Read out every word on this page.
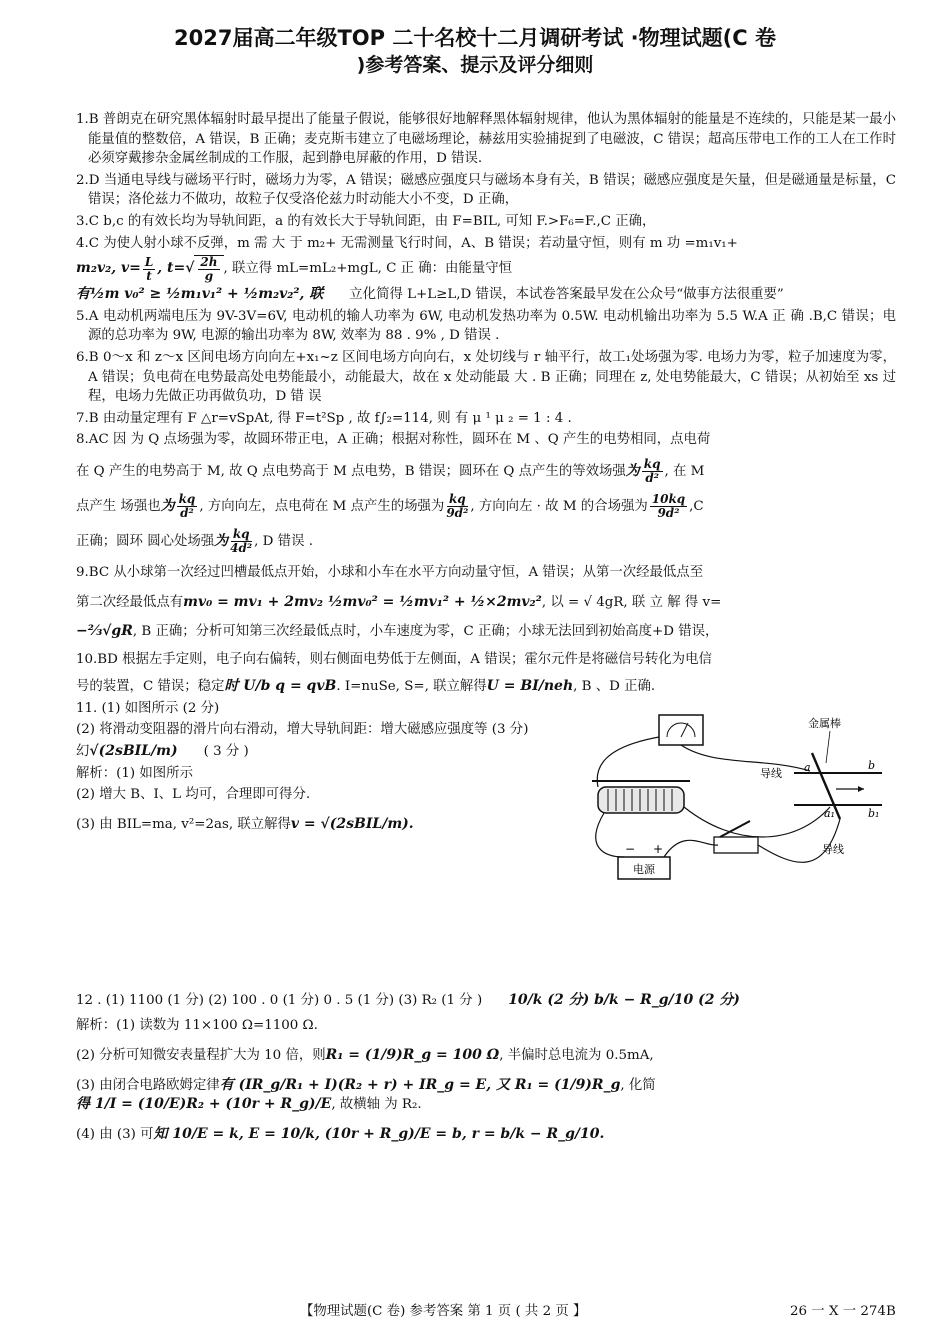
2027届高二年级TOP 二十名校十二月调研考试 ·物理试题(C 卷
)参考答案、提示及评分细则

1.B 普朗克在研究黑体辐射时最早提出了能量子假说，能够很好地解释黑体辐射规律，他认为黑体辐射的能量是不连续的，只能是某一最小能量值的整数倍，A 错误，B 正确；麦克斯韦建立了电磁场理论，赫兹用实验捕捉到了电磁波，C 错误；超高压带电工作的工人在工作时必须穿戴掺杂金属丝制成的工作服，起到静电屏蔽的作用，D 错误.

2.D 当通电导线与磁场平行时，磁场力为零，A 错误；磁感应强度只与磁场本身有关，B 错误；磁感应强度是矢量，但是磁通量是标量，C 错误；洛伦兹力不做功，故粒子仅受洛伦兹力时动能大小不变，D 正确，

3.C b,c 的有效长均为导轨间距，a 的有效长大于导轨间距，由 F=BIL, 可知 F.>F₆=F.,C 正确，

4.C 为使人射小球不反弹，m 需 大 于 m₂+ 无需测量飞行时间，A、B 错误；若动量守恒，则有 m 功 =m₁v₁+

m₂v₂, $v= \frac{L}{t}$ , t= √ $\frac{2h}{g}$ , 联立得 mL=mL₂+mgL, C 正 确：由能量守恒
有 ½m v₀² ≥ ½m₁v₁² + ½m₂v₂², 联 立化简得 L+L≥L,D 错误，本试卷答案最早发在公众号“做事方法很重要”

5.A 电动机两端电压为 9V-3V=6V, 电动机的输人功率为 6W, 电动机发热功率为 0.5W. 电动机输出功率为 5.5 W.A 正 确 .B,C 错误；电源的总功率为 9W, 电源的输出功率为 8W, 效率为 88 . 9% , D 错误 .

6.B 0～x 和 z～x 区间电场方向向左+x₁~z 区间电场方向向右，x 处切线与 r 轴平行，故工₁处场强为零. 电场力为零，粒子加速度为零，A 错误；负电荷在电势最高处电势能最小，动能最大，故在 x 处动能最 大 . B 正确；同理在 z, 处电势能最大，C 错误；从初始至 xs 过程，电场力先做正功再做负功，D 错 误

7.B 由动量定理有 F △r=vSpAt, 得 F=t²Sp , 故 f∫₂=114, 则 有 μ ¹ μ ₂ = 1 : 4 .

8.AC 因 为 Q 点场强为零，故圆环带正电，A 正确；根据对称性，圆环在 M 、Q 产生的电势相同，点电荷

在 Q 产生的电势高于 M, 故 Q 点电势高于 M 点电势，B 错误；圆环在 Q 点产生的等效场强 为 $\frac{kq}{\text{d²}}$ , 在 M
点产生 场强也 为 $\frac{kq}{\text{d²}}$ , 方向向左，点电荷在 M 点产生的场强为 $\frac{kq}{\text{9d²}}$ , 方向向左 · 故 M 的合场强为 $\frac{10kq}{\text{9d²}} ,C$
正确；圆环 圆心处场强 为 $\frac{kq}{\text{4d²}}$ , D 错误 .

9.BC 从小球第一次经过凹槽最低点开始，小球和小车在水平方向动量守恒，A 错误；从第一次经最低点至

第二次经最低点有 mv₀ = mv₁ + 2mv₂ ½mv₀² = ½mv₁² + ½×2mv₂² , 以 = √ 4gR, 联 立 解 得 v=
−⅔√gR , B 正确；分析可知第三次经最低点时，小车速度为零，C 正确；小球无法回到初始高度+D 错误，

10.BD 根据左手定则，电子向右偏转，则右侧面电势低于左侧面，A 错误；霍尔元件是将磁信号转化为电信

号的装置，C 错误；稳定 时 U/b q = qvB . I=nuSe, S=, 联立解得 U = BI/neh , B 、D 正确.

11. (1) 如图所示 (2 分)

(2) 将滑动变阻器的滑片向右滑动，增大导轨间距：增大磁感应强度等 (3 分)

幻 √(2sBIL/m) ( 3 分 )

解析：(1) 如图所示

(2) 增大 B、I、L 均可，合理即可得分.

(3) 由 BIL=ma, v²=2as, 联立解得 v = √(2sBIL/m).
电源
− +
金属棒
导线
导线
a	b
a₁	b₁
12 . (1) 1100 (1 分) (2) 100 . 0 (1 分) 0 . 5 (1 分) (3) R₂ (1 分 ) 10/k (2 分) b/k − R_g/10 (2 分)

解析：(1) 读数为 11×100 Ω=1100 Ω.

(2) 分析可知微安表量程扩大为 10 倍，则 R₁ = (1/9)R_g = 100 Ω , 半偏时总电流为 0.5mA,
(3) 由闭合电路欧姆定律 有 (IR_g/R₁ + I)(R₂ + r) + IR_g = E, 又 R₁ = (1/9)R_g , 化简
得 1/I = (10/E)R₂ + (10r + R_g)/E , 故横轴 为 R₂.
(4) 由 (3) 可 知 10/E = k, E = 10/k, (10r + R_g)/E = b, r = b/k − R_g/10.
【物理试题(C 卷) 参考答案 第 1 页 ( 共 2 页 】	26 一 X 一 274B
